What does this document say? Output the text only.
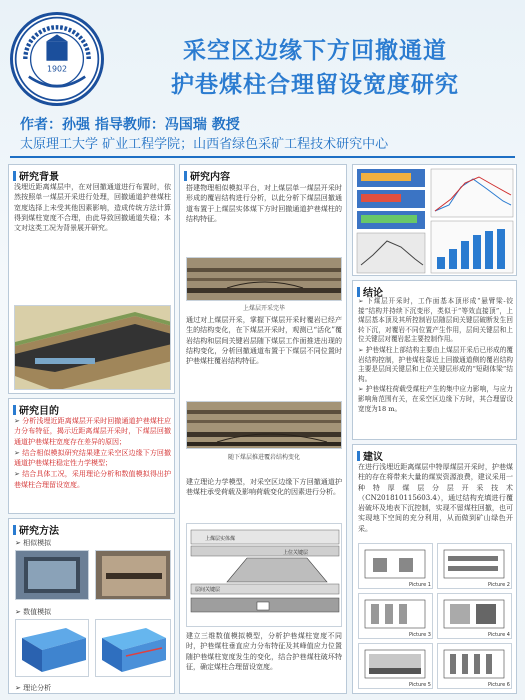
1902
采空区边缘下方回撤通道
护巷煤柱合理留设宽度研究
作者：孙强 指导教师：冯国瑞 教授
太原理工大学 矿业工程学院；山西省绿色采矿工程技术研究中心
研究背景
浅埋近距离煤层中，在对回撤通道进行布置时，依然按照单一煤层开采进行处理，回撤通道护巷煤柱宽度选择上未受其他因素影响，造成传统方法计算得到煤柱宽度不合理，由此导致回撤通道失稳；本文对这类工况为背景展开研究。
研究目的
➢ 分析浅埋近距离煤层开采时回撤通道护巷煤柱应力分布特征，揭示近距离煤层开采时，下煤层回撤通道护巷煤柱宽度存在差异的原因；
➢ 结合相似模拟研究结果建立采空区边缘下方回撤通道护巷煤柱稳定性力学模型；
➢ 结合具体工况，采用理论分析和数值模拟得出护巷煤柱合理留设宽度。
研究方法
➢ 相似模拟
➢ 数值模拟
➢ 理论分析
研究内容
搭建物理相似模拟平台，对上煤层单一煤层开采时形成的覆岩结构进行分析，以此分析下煤层回撤通道布置于上煤层实体煤下方时回撤通道护巷煤柱的结构特征。
上煤层开采完毕
通过对上煤层开采，掌握下煤层开采时覆岩已经产生的结构变化，在下煤层开采时，观测已“活化”覆岩结构和层间关键岩层随下煤层工作面推进出现的结构变化，分析回撤通道布置于下煤层不同位置时护巷煤柱覆岩结构特征。
随下煤层推进覆岩结构变化
建立理论力学模型，对采空区边缘下方回撤通道护巷煤柱承受荷载及影响荷载变化的因素进行分析。
上煤层实体煤
层间关键层
上位关键层
建立三维数值模拟模型，分析护巷煤柱宽度不同时，护巷煤柱垂直应力分布特征及其峰值应力位置随护巷煤柱宽度发生的变化，结合护巷煤柱破坏特征，确定煤柱合理留设宽度。
结论
➢ 下煤层开采时，工作面基本顶形成“悬臂梁-铰接”结构并持续下沉变形，类似于“等效直接顶”，上煤层基本顶及其所控制岩层随层间关键层破断发生回转下沉，对覆岩不同位置产生作用，层间关键层和上位关键层对覆岩起主要控制作用。
➢ 护巷煤柱上部结构主要由上煤层开采后已形成的覆岩结构控制，护巷煤柱靠近上回撤通道侧的覆岩结构主要是层间关键层和上位关键层形成的“短砌体梁”结构。
➢ 护巷煤柱荷载受煤柱产生的集中应力影响，与应力影响角范围有关，在采空区边缘下方时，其合理留设宽度为18 m。
建议
在进行浅埋近距离煤层中特厚煤层开采时，护巷煤柱的存在将带来大量的煤炭资源浪费，建议采用一种特厚煤层分层开采技术（CN201810115603.4），通过结构充填进行覆岩破坏及地表下沉控制，实现不留煤柱回撤，也可实现地下空间的充分利用，从而做到矿山绿色开采。
Picture 1	Picture 2
Picture 3	Picture 4
Picture 5	Picture 6
